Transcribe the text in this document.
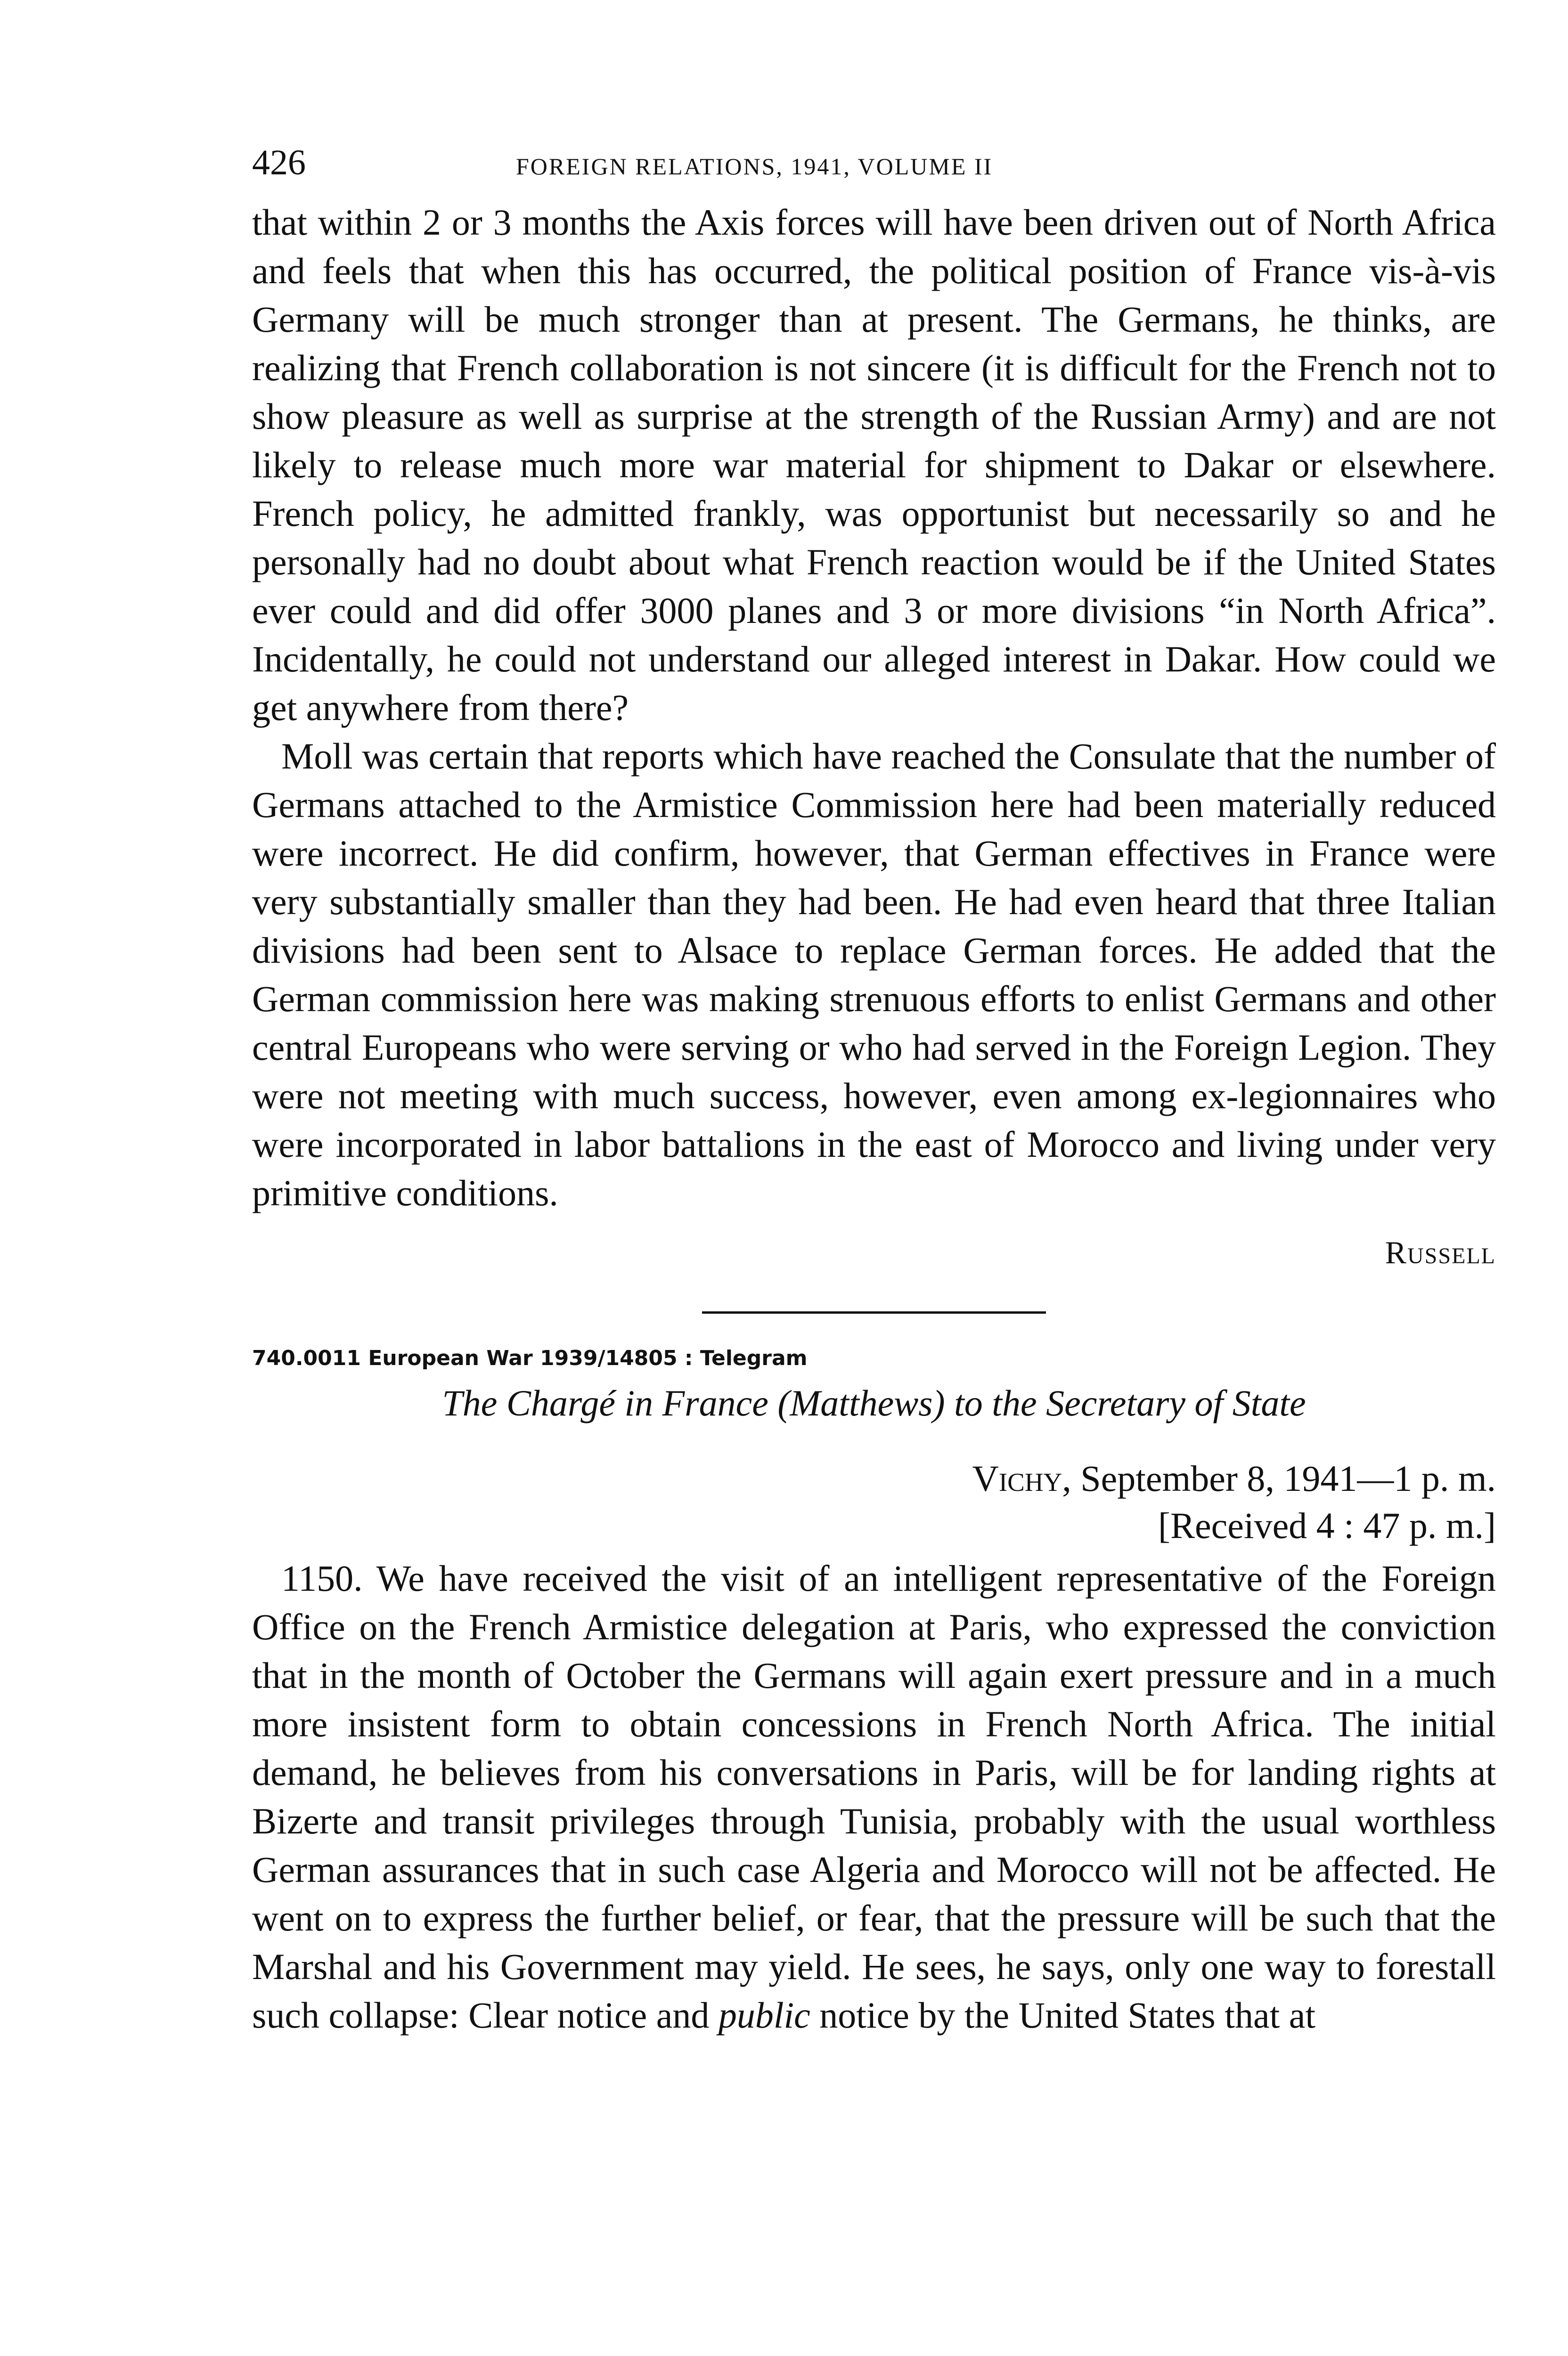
426	FOREIGN RELATIONS, 1941, VOLUME II

that within 2 or 3 months the Axis forces will have been driven out of North Africa and feels that when this has occurred, the political position of France vis-à-vis Germany will be much stronger than at present. The Germans, he thinks, are realizing that French collaboration is not sincere (it is difficult for the French not to show pleasure as well as surprise at the strength of the Russian Army) and are not likely to release much more war material for shipment to Dakar or elsewhere. French policy, he admitted frankly, was opportunist but necessarily so and he personally had no doubt about what French reaction would be if the United States ever could and did offer 3000 planes and 3 or more divisions “in North Africa”. Incidentally, he could not understand our alleged interest in Dakar. How could we get anywhere from there?

Moll was certain that reports which have reached the Consulate that the number of Germans attached to the Armistice Commission here had been materially reduced were incorrect. He did confirm, however, that German effectives in France were very substantially smaller than they had been. He had even heard that three Italian divisions had been sent to Alsace to replace German forces. He added that the German commission here was making strenuous efforts to enlist Germans and other central Europeans who were serving or who had served in the Foreign Legion. They were not meeting with much success, however, even among ex-legionnaires who were incorporated in labor battalions in the east of Morocco and living under very primitive conditions.

Russell

740.0011 European War 1939/14805 : Telegram

The Chargé in France (Matthews) to the Secretary of State

Vichy, September 8, 1941—1 p. m.

[Received 4 : 47 p. m.]

1150. We have received the visit of an intelligent representative of the Foreign Office on the French Armistice delegation at Paris, who expressed the conviction that in the month of October the Germans will again exert pressure and in a much more insistent form to obtain concessions in French North Africa. The initial demand, he believes from his conversations in Paris, will be for landing rights at Bizerte and transit privileges through Tunisia, probably with the usual worthless German assurances that in such case Algeria and Morocco will not be affected. He went on to express the further belief, or fear, that the pressure will be such that the Marshal and his Government may yield. He sees, he says, only one way to forestall such collapse: Clear notice and public notice by the United States that at
